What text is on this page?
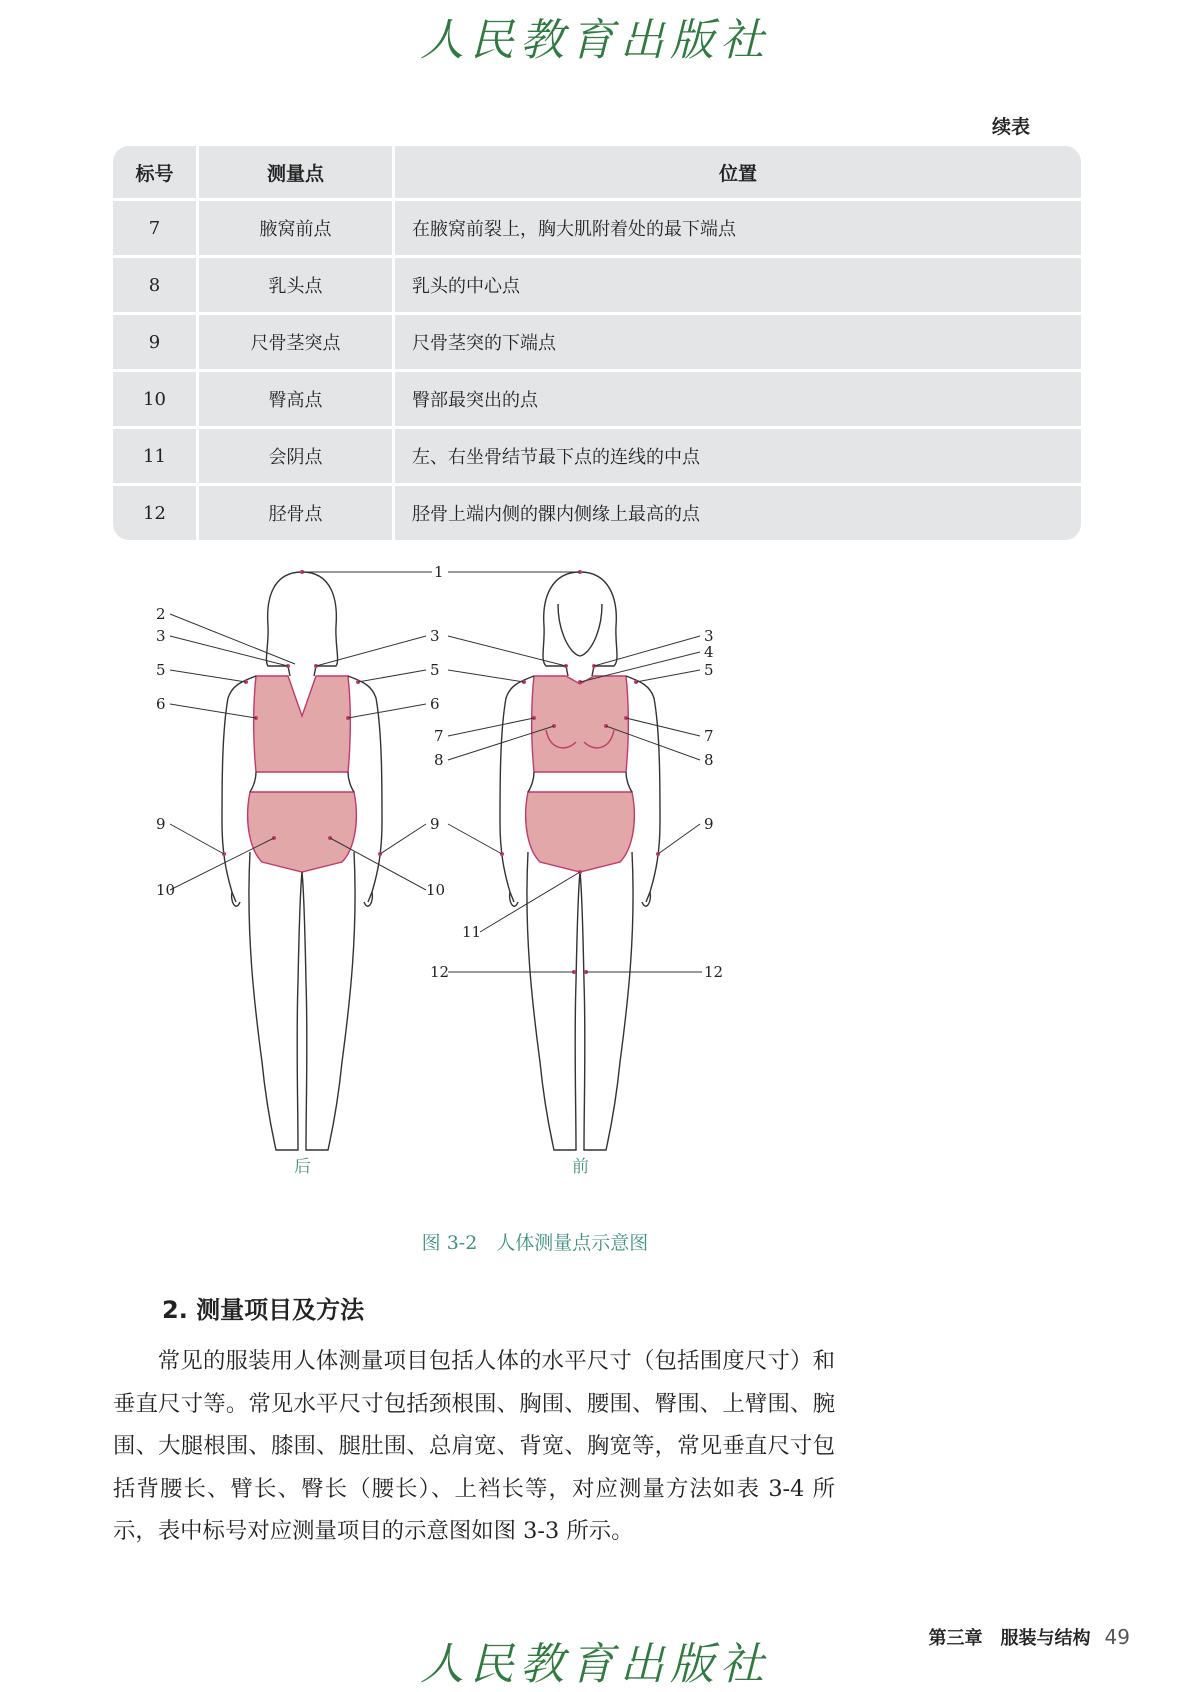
人民教育出版社
续表
标号	测量点	位置
7	腋窝前点	在腋窝前裂上，胸大肌附着处的最下端点
8	乳头点	乳头的中心点
9	尺骨茎突点	尺骨茎突的下端点
10	臀高点	臀部最突出的点
11	会阴点	左、右坐骨结节最下点的连线的中点
12	胫骨点	胫骨上端内侧的髁内侧缘上最高的点
1
2
3	3	3
4
5	5	5
6	6
7	7
8	8
9	9	9
10	10
11
12	12
后	前
图 3-2　人体测量点示意图
2. 测量项目及方法
常见的服装用人体测量项目包括人体的水平尺寸（包括围度尺寸）和垂直尺寸等。常见水平尺寸包括颈根围、胸围、腰围、臀围、上臂围、腕围、大腿根围、膝围、腿肚围、总肩宽、背宽、胸宽等，常见垂直尺寸包括背腰长、臂长、臀长（腰长）、上裆长等，对应测量方法如表 3-4 所示，表中标号对应测量项目的示意图如图 3-3 所示。
第三章　服装与结构 49
人民教育出版社
